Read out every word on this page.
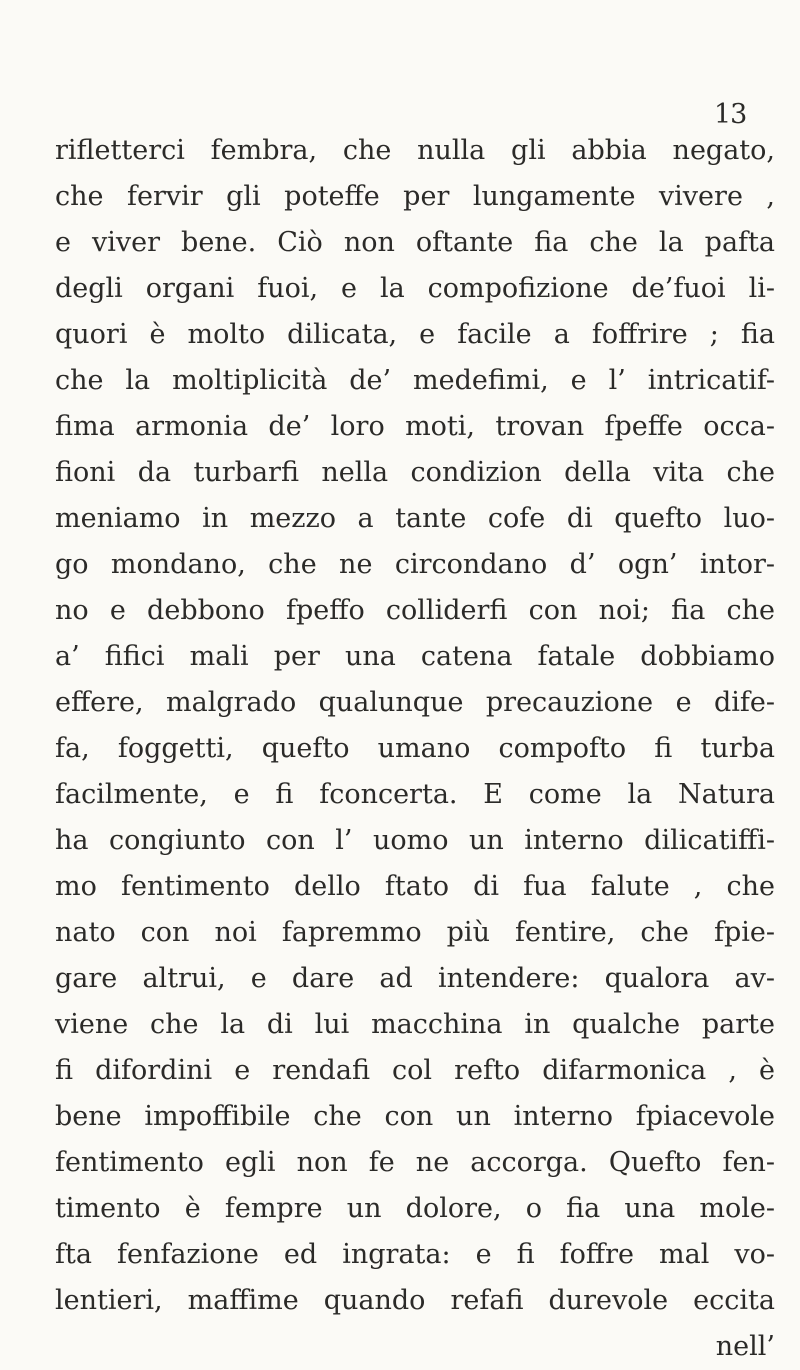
13
rifletterci fembra, che nulla gli abbia negato,
che fervir gli poteffe per lungamente vivere ,
e viver bene. Ciò non oftante fia che la pafta
degli organi fuoi, e la compofizione de’fuoi li-
quori è molto dilicata, e facile a foffrire ; fia
che la moltiplicità de’ medefimi, e l’ intricatif-
fima armonia de’ loro moti, trovan fpeffe occa-
fioni da turbarfi nella condizion della vita che
meniamo in mezzo a tante cofe di quefto luo-
go mondano, che ne circondano d’ ogn’ intor-
no e debbono fpeffo colliderfi con noi; fia che
a’ fifici mali per una catena fatale dobbiamo
effere, malgrado qualunque precauzione e dife-
fa, foggetti, quefto umano compofto fi turba
facilmente, e fi fconcerta. E come la Natura
ha congiunto con l’ uomo un interno dilicatiffi-
mo fentimento dello ftato di fua falute , che
nato con noi fapremmo più fentire, che fpie-
gare altrui, e dare ad intendere: qualora av-
viene che la di lui macchina in qualche parte
fi difordini e rendafi col refto difarmonica , è
bene impoffibile che con un interno fpiacevole
fentimento egli non fe ne accorga. Quefto fen-
timento è fempre un dolore, o fia una mole-
fta fenfazione ed ingrata: e fi foffre mal vo-
lentieri, maffime quando refafi durevole eccita
nell’
